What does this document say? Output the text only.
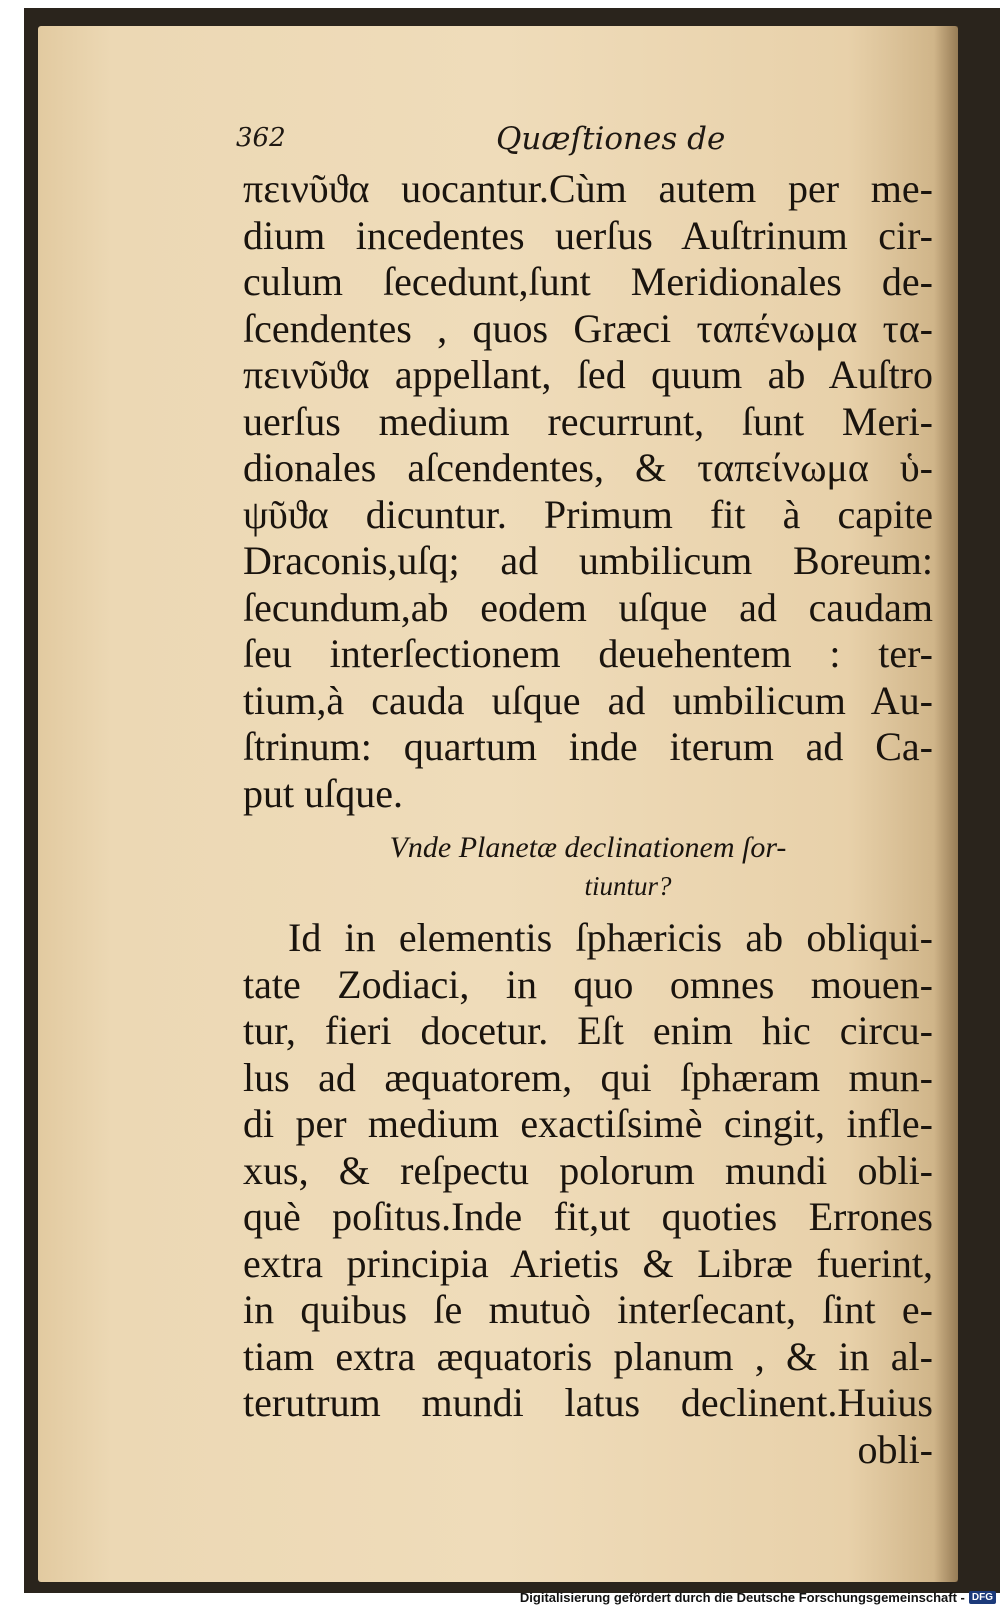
362	Quæſtiones de
πεινῦϑα uocantur.Cùm autem per me-
dium incedentes uerſus Auſtrinum cir-
culum ſecedunt,ſunt Meridionales de-
ſcendentes , quos Græci ταπένωμα τα-
πεινῦϑα appellant, ſed quum ab Auſtro
uerſus medium recurrunt, ſunt Meri-
dionales aſcendentes, & ταπείνωμα ὑ-
ψῦϑα dicuntur. Primum fit à capite
Draconis,uſq; ad umbilicum Boreum:
ſecundum,ab eodem uſque ad caudam
ſeu interſectionem deuehentem : ter-
tium,à cauda uſque ad umbilicum Au-
ſtrinum: quartum inde iterum ad Ca-
put uſque.
Vnde Planetæ declinationem ſor-
tiuntur?
Id in elementis ſphæricis ab obliqui-
tate Zodiaci, in quo omnes mouen-
tur, fieri docetur. Eſt enim hic circu-
lus ad æquatorem, qui ſphæram mun-
di per medium exactiſsimè cingit, infle-
xus, & reſpectu polorum mundi obli-
què poſitus.Inde fit,ut quoties Errones
extra principia Arietis & Libræ fuerint,
in quibus ſe mutuò interſecant, ſint e-
tiam extra æquatoris planum , & in al-
terutrum mundi latus declinent.Huius
obli-
Digitalisierung gefördert durch die Deutsche Forschungsgemeinschaft - DFG
